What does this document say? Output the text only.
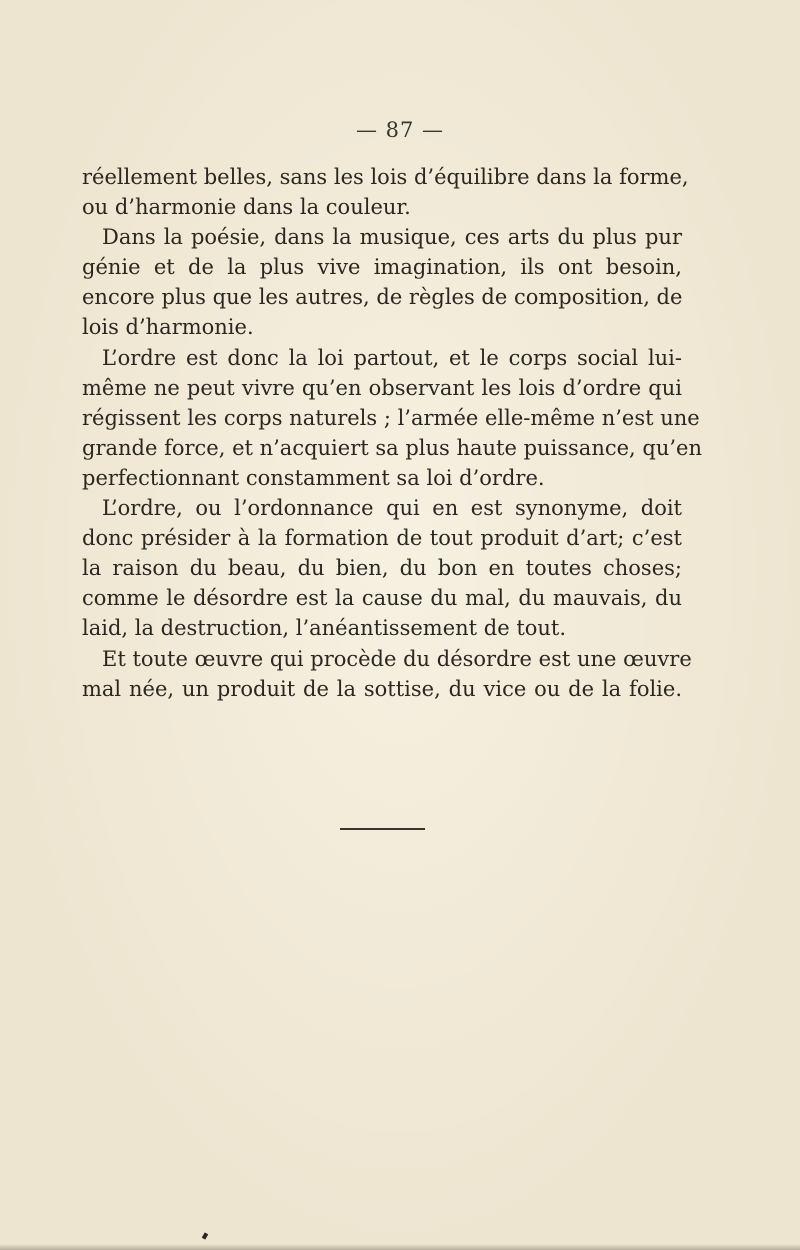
— 87 —
réellement belles, sans les lois d’équilibre dans la forme,
ou d’harmonie dans la couleur.
Dans la poésie, dans la musique, ces arts du plus pur
génie et de la plus vive imagination, ils ont besoin,
encore plus que les autres, de règles de composition, de
lois d’harmonie.
L’ordre est donc la loi partout, et le corps social lui-
même ne peut vivre qu’en observant les lois d’ordre qui
régissent les corps naturels ; l’armée elle-même n’est une
grande force, et n’acquiert sa plus haute puissance, qu’en
perfectionnant constamment sa loi d’ordre.
L’ordre, ou l’ordonnance qui en est synonyme, doit
donc présider à la formation de tout produit d’art; c’est
la raison du beau, du bien, du bon en toutes choses;
comme le désordre est la cause du mal, du mauvais, du
laid, la destruction, l’anéantissement de tout.
Et toute œuvre qui procède du désordre est une œuvre
mal née, un produit de la sottise, du vice ou de la folie.
